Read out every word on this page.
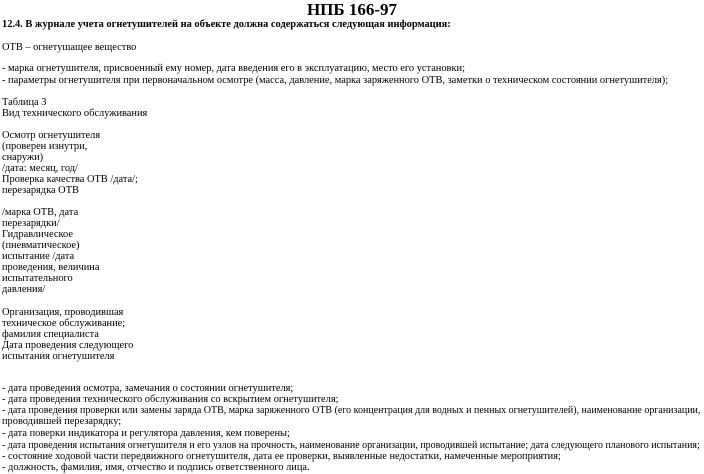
НПБ 166-97
12.4. В журнале учета огнетушителей на объекте должна содержаться следующая информация:
ОТВ – огнетушащее вещество
- марка огнетушителя, присвоенный ему номер, дата введения его в эксплуатацию, место его установки;
- параметры огнетушителя при первоначальном осмотре (масса, давление, марка заряженного ОТВ, заметки о техническом состоянии огнетушителя);
Таблица 3
Вид технического обслуживания
Осмотр огнетушителя
(проверен изнутри,
снаружи)
/дата: месяц, год/
Проверка качества ОТВ /дата/;
перезарядка ОТВ
/марка ОТВ, дата
перезарядки/
Гидравлическое
(пневматическое)
испытание /дата
проведения, величина
испытательного
давления/
Организация, проводившая
техническое обслуживание;
фамилия специалиста
Дата проведения следующего
испытания огнетушителя
- дата проведения осмотра, замечания о состоянии огнетушителя;
- дата проведения технического обслуживания со вскрытием огнетушителя;
- дата проведения проверки или замены заряда ОТВ, марка заряженного ОТВ (его концентрация для водных и пенных огнетушителей), наименование организации,
проводившей перезарядку;
- дата поверки индикатора и регулятора давления, кем поверены;
- дата проведения испытания огнетушителя и его узлов на прочность, наименование организации, проводившей испытание; дата следующего планового испытания;
- состояние ходовой части передвижного огнетушителя, дата ее проверки, выявленные недостатки, намеченные мероприятия;
- должность, фамилия, имя, отчество и подпись ответственного лица.
